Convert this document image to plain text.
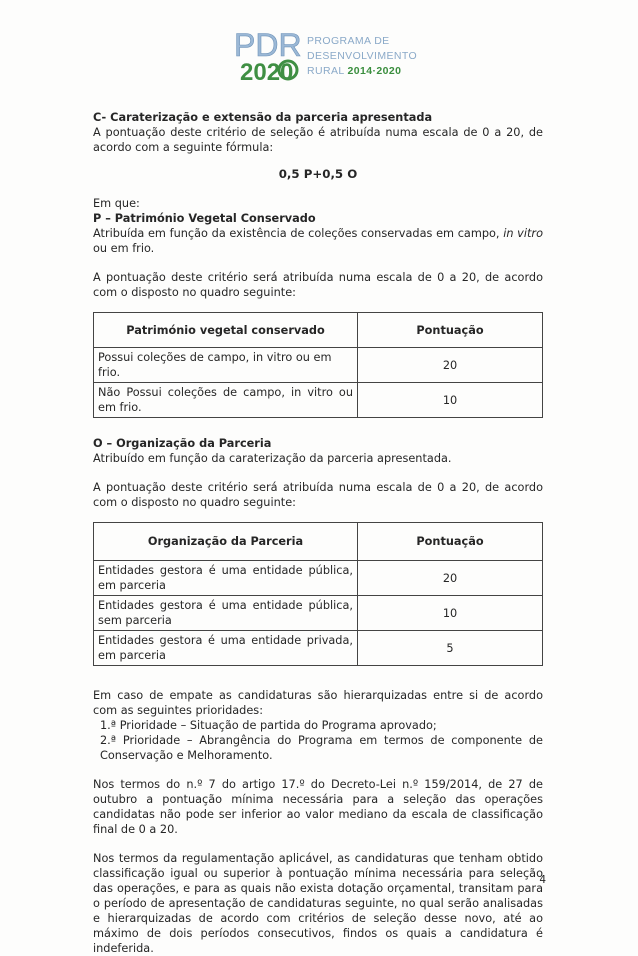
PDR
2020
PROGRAMA DE
DESENVOLVIMENTO
RURAL 2014·2020

C- Caraterização e extensão da parceria apresentada

A pontuação deste critério de seleção é atribuída numa escala de 0 a 20, de acordo com a seguinte fórmula:

0,5 P+0,5 O

Em que:

P – Património Vegetal Conservado

Atribuída em função da existência de coleções conservadas em campo, in vitro ou em frio.

A pontuação deste critério será atribuída numa escala de 0 a 20, de acordo com o disposto no quadro seguinte:

Património vegetal conservado	Pontuação
Possui coleções de campo, in vitro ou em frio.	20
Não Possui coleções de campo, in vitro ou em frio.	10

O – Organização da Parceria

Atribuído em função da caraterização da parceria apresentada.

A pontuação deste critério será atribuída numa escala de 0 a 20, de acordo com o disposto no quadro seguinte:

Organização da Parceria	Pontuação
Entidades gestora é uma entidade pública, em parceria	20
Entidades gestora é uma entidade pública, sem parceria	10
Entidades gestora é uma entidade privada, em parceria	5

Em caso de empate as candidaturas são hierarquizadas entre si de acordo com as seguintes prioridades:

1.ª Prioridade – Situação de partida do Programa aprovado;

2.ª Prioridade – Abrangência do Programa em termos de componente de Conservação e Melhoramento.

Nos termos do n.º 7 do artigo 17.º do Decreto-Lei n.º 159/2014, de 27 de outubro a pontuação mínima necessária para a seleção das operações candidatas não pode ser inferior ao valor mediano da escala de classificação final de 0 a 20.

Nos termos da regulamentação aplicável, as candidaturas que tenham obtido classificação igual ou superior à pontuação mínima necessária para seleção das operações, e para as quais não exista dotação orçamental, transitam para o período de apresentação de candidaturas seguinte, no qual serão analisadas e hierarquizadas de acordo com critérios de seleção desse novo, até ao máximo de dois períodos consecutivos, findos os quais a candidatura é indeferida.

4
